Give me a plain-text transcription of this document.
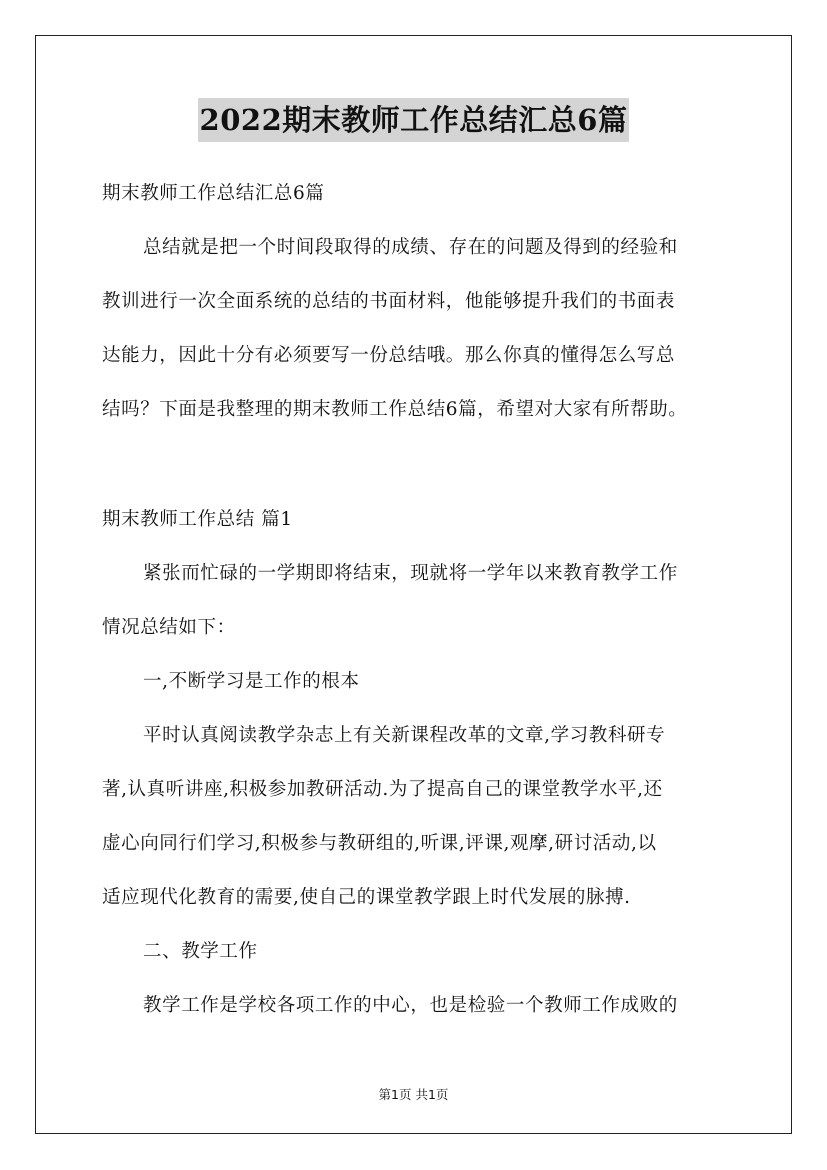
2022期末教师工作总结汇总6篇
期末教师工作总结汇总6篇
总结就是把一个时间段取得的成绩、存在的问题及得到的经验和
教训进行一次全面系统的总结的书面材料，他能够提升我们的书面表
达能力，因此十分有必须要写一份总结哦。那么你真的懂得怎么写总
结吗？下面是我整理的期末教师工作总结6篇，希望对大家有所帮助。
期末教师工作总结 篇1
紧张而忙碌的一学期即将结束，现就将一学年以来教育教学工作
情况总结如下：
一,不断学习是工作的根本
平时认真阅读教学杂志上有关新课程改革的文章,学习教科研专
著,认真听讲座,积极参加教研活动.为了提高自己的课堂教学水平,还
虚心向同行们学习,积极参与教研组的,听课,评课,观摩,研讨活动,以
适应现代化教育的需要,使自己的课堂教学跟上时代发展的脉搏.
二、教学工作
教学工作是学校各项工作的中心，也是检验一个教师工作成败的
第1页 共1页
